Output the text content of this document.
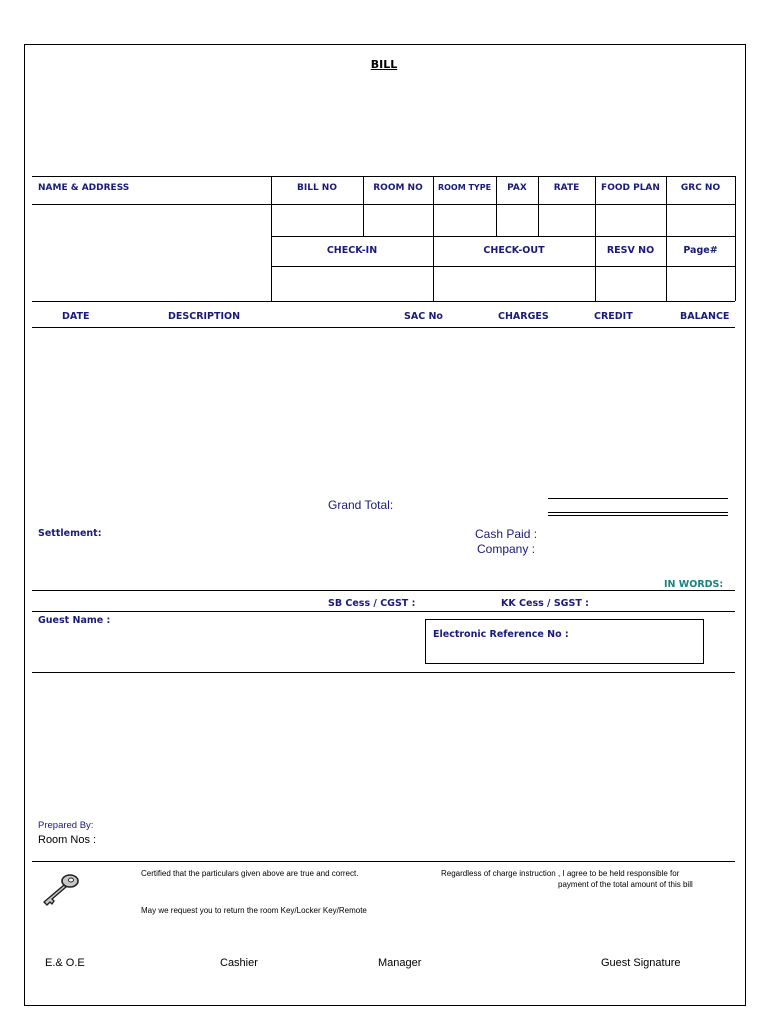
BILL
NAME & ADDRESS	BILL NO	ROOM NO	ROOM TYPE	PAX	RATE	FOOD PLAN	GRC NO
CHECK-IN	CHECK-OUT	RESV NO	Page#
DATE	DESCRIPTION	SAC No	CHARGES	CREDIT	BALANCE
Grand Total:
Settlement:	Cash Paid :
Company :
IN WORDS:
SB Cess / CGST :	KK Cess / SGST :
Guest Name :
Electronic Reference No :
Prepared By:
Room Nos :
Certified that the particulars given above are true and correct.	Regardless of charge instruction , I agree to be held responsible for
payment of the total amount of this bill
May we request you to return the room Key/Locker Key/Remote
E.& O.E	Cashier	Manager	Guest Signature
